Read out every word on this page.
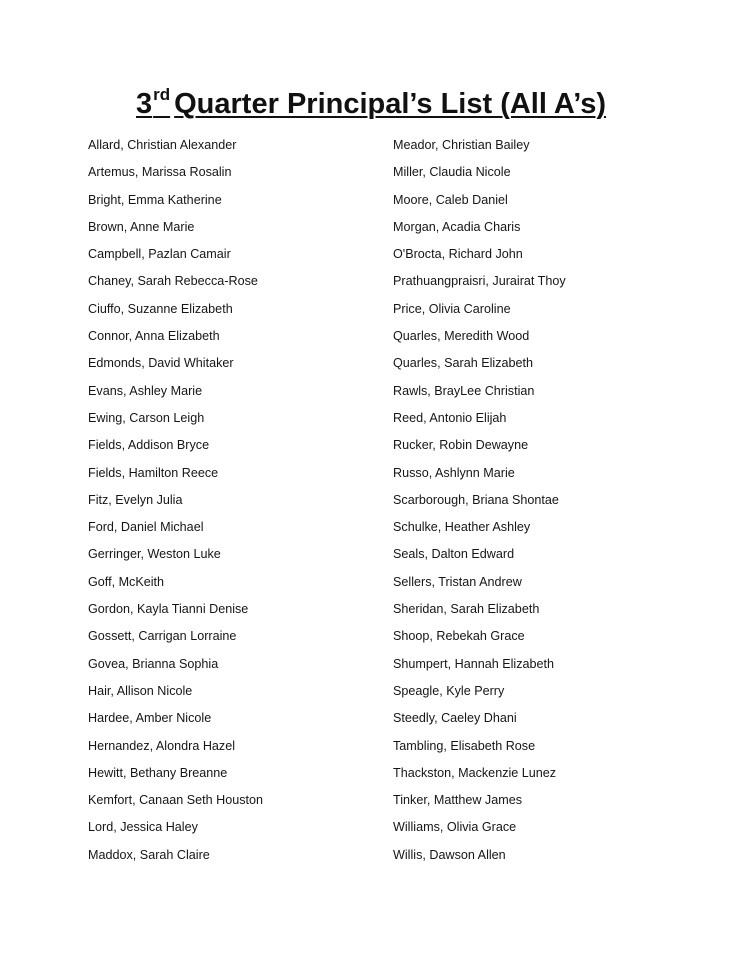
3rd Quarter Principal’s List (All A’s)
Allard, Christian Alexander
Artemus, Marissa Rosalin
Bright, Emma Katherine
Brown, Anne Marie
Campbell, Pazlan Camair
Chaney, Sarah Rebecca-Rose
Ciuffo, Suzanne Elizabeth
Connor, Anna Elizabeth
Edmonds, David Whitaker
Evans, Ashley Marie
Ewing, Carson Leigh
Fields, Addison Bryce
Fields, Hamilton Reece
Fitz, Evelyn Julia
Ford, Daniel Michael
Gerringer, Weston Luke
Goff, McKeith
Gordon, Kayla Tianni Denise
Gossett, Carrigan Lorraine
Govea, Brianna Sophia
Hair, Allison Nicole
Hardee, Amber Nicole
Hernandez, Alondra Hazel
Hewitt, Bethany Breanne
Kemfort, Canaan Seth Houston
Lord, Jessica Haley
Maddox, Sarah Claire
Meador, Christian Bailey
Miller, Claudia Nicole
Moore, Caleb Daniel
Morgan, Acadia Charis
O'Brocta, Richard John
Prathuangpraisri, Jurairat Thoy
Price, Olivia Caroline
Quarles, Meredith Wood
Quarles, Sarah Elizabeth
Rawls, BrayLee Christian
Reed, Antonio Elijah
Rucker, Robin Dewayne
Russo, Ashlynn Marie
Scarborough, Briana Shontae
Schulke, Heather Ashley
Seals, Dalton Edward
Sellers, Tristan Andrew
Sheridan, Sarah Elizabeth
Shoop, Rebekah Grace
Shumpert, Hannah Elizabeth
Speagle, Kyle Perry
Steedly, Caeley Dhani
Tambling, Elisabeth Rose
Thackston, Mackenzie Lunez
Tinker, Matthew James
Williams, Olivia Grace
Willis, Dawson Allen
